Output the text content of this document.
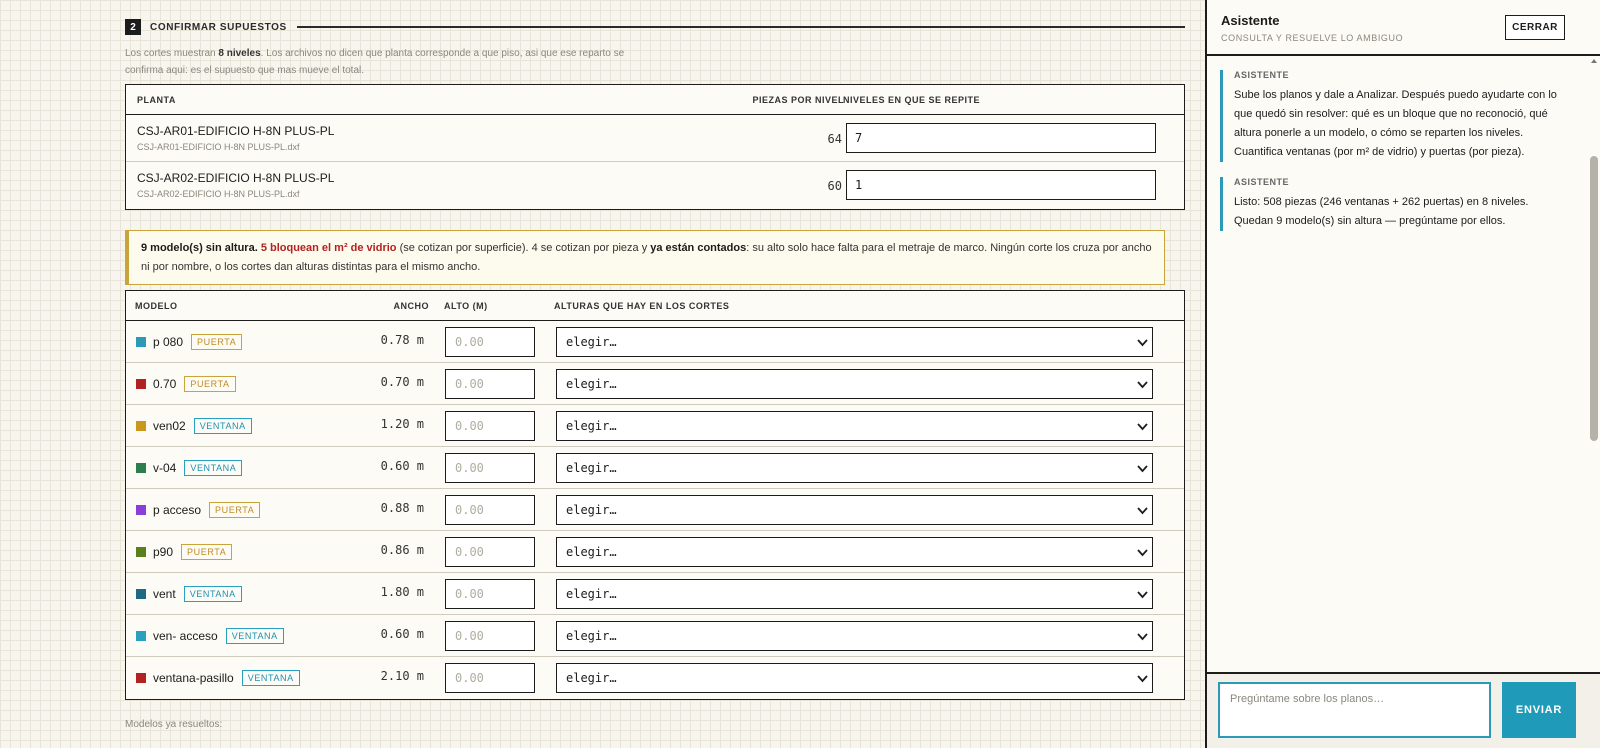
2	CONFIRMAR SUPUESTOS

Los cortes muestran 8 niveles. Los archivos no dicen que planta corresponde a que piso, asi que ese reparto se confirma aqui: es el supuesto que mas mueve el total.

PLANTA	PIEZAS POR NIVEL NIVELES EN QUE SE REPITE
CSJ-AR01-EDIFICIO H-8N PLUS-PL
CSJ-AR01-EDIFICIO H-8N PLUS-PL.dxf
64	7
CSJ-AR02-EDIFICIO H-8N PLUS-PL
CSJ-AR02-EDIFICIO H-8N PLUS-PL.dxf
60	1
9 modelo(s) sin altura. 5 bloquean el m² de vidrio (se cotizan por superficie). 4 se cotizan por pieza y ya están contados: su alto solo hace falta para el metraje de marco. Ningún corte los cruza por ancho ni por nombre, o los cortes dan alturas distintas para el mismo ancho.
MODELO	ANCHO ALTO (M)	ALTURAS QUE HAY EN LOS CORTES
p 080	PUERTA	0.78 m	0.00	elegir…
0.70	PUERTA	0.70 m	0.00	elegir…
ven02	VENTANA	1.20 m	0.00	elegir…
v-04	VENTANA	0.60 m	0.00	elegir…
p acceso	PUERTA	0.88 m	0.00	elegir…
p90	PUERTA	0.86 m	0.00	elegir…
vent	VENTANA	1.80 m	0.00	elegir…
ven- acceso	VENTANA	0.60 m	0.00	elegir…
ventana-pasillo	VENTANA	2.10 m	0.00	elegir…
Modelos ya resueltos:
Asistente
CONSULTA Y RESUELVE LO AMBIGUO
CERRAR
ASISTENTE
Sube los planos y dale a Analizar. Después puedo ayudarte con lo que quedó sin resolver: qué es un bloque que no reconoció, qué altura ponerle a un modelo, o cómo se reparten los niveles. Cuantifica ventanas (por m² de vidrio) y puertas (por pieza).
ASISTENTE
Listo: 508 piezas (246 ventanas + 262 puertas) en 8 niveles. Quedan 9 modelo(s) sin altura — pregúntame por ellos.
Pregúntame sobre los planos…
ENVIAR
